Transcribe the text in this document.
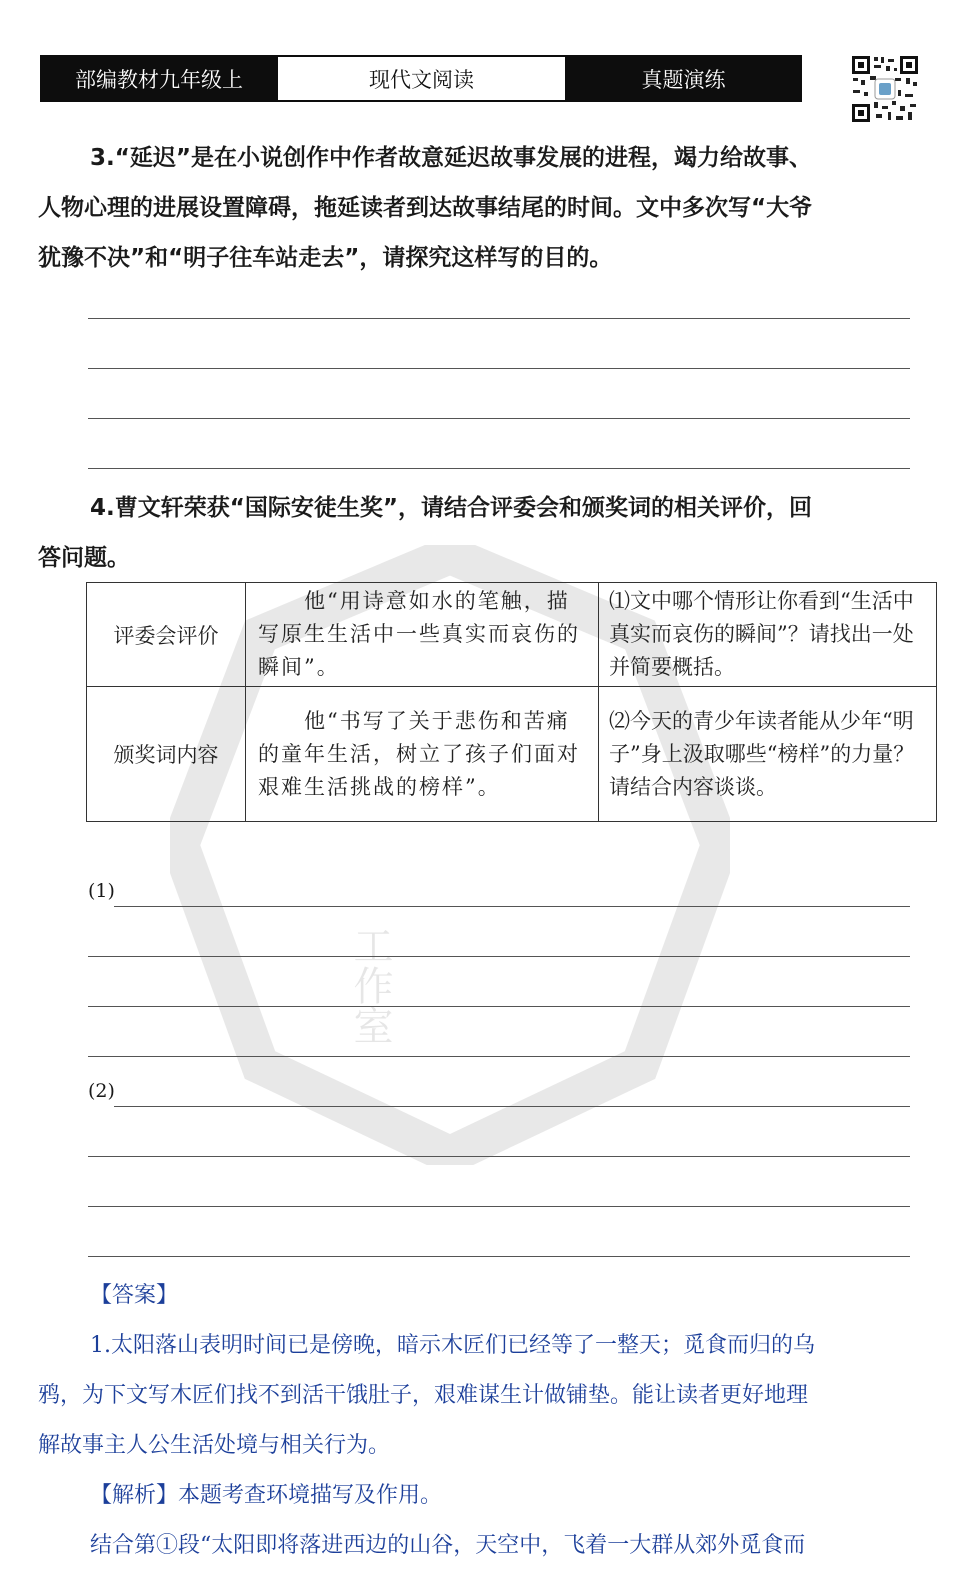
部编教材九年级上	现代文阅读	真题演练
3.“延迟”是在小说创作中作者故意延迟故事发展的进程，竭力给故事、
人物心理的进展设置障碍，拖延读者到达故事结尾的时间。文中多次写“大爷
犹豫不决”和“明子往车站走去”，请探究这样写的目的。
4.曹文轩荣获“国际安徒生奖”，请结合评委会和颁奖词的相关评价，回
答问题。
工作室
评委会评价	　　他“用诗意如水的笔触，描写原生生活中一些真实而哀伤的瞬间”。	⑴文中哪个情形让你看到“生活中真实而哀伤的瞬间”？请找出一处并简要概括。
颁奖词内容	　　他“书写了关于悲伤和苦痛的童年生活，树立了孩子们面对艰难生活挑战的榜样”。	⑵今天的青少年读者能从少年“明子”身上汲取哪些“榜样”的力量？请结合内容谈谈。
(1)
(2)
【答案】
1.太阳落山表明时间已是傍晚，暗示木匠们已经等了一整天；觅食而归的乌
鸦，为下文写木匠们找不到活干饿肚子，艰难谋生计做铺垫。能让读者更好地理
解故事主人公生活处境与相关行为。
【解析】本题考查环境描写及作用。
结合第①段“太阳即将落进西边的山谷，天空中，飞着一大群从郊外觅食而
